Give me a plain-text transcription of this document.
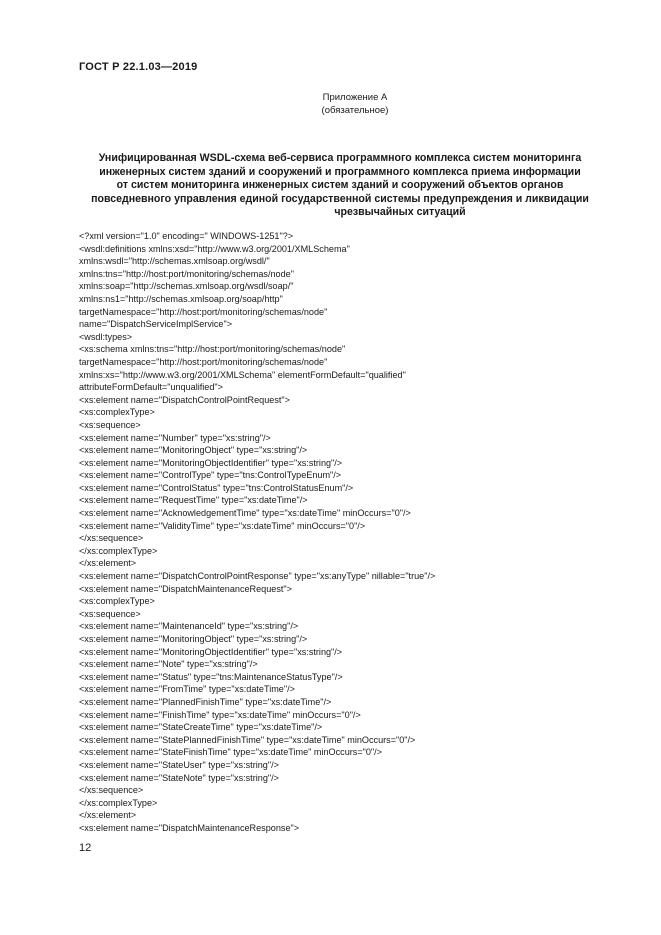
ГОСТ Р 22.1.03—2019
Приложение А
(обязательное)
Унифицированная WSDL-схема веб-сервиса программного комплекса систем мониторинга
инженерных систем зданий и сооружений и программного комплекса приема информации
от систем мониторинга инженерных систем зданий и сооружений объектов органов
повседневного управления единой государственной системы предупреждения и ликвидации
чрезвычайных ситуаций
<?xml version="1.0" encoding=" WINDOWS-1251"?>
<wsdl:definitions xmlns:xsd="http://www.w3.org/2001/XMLSchema"
xmlns:wsdl="http://schemas.xmlsoap.org/wsdl/"
xmlns:tns="http://host:port/monitoring/schemas/node"
xmlns:soap="http://schemas.xmlsoap.org/wsdl/soap/"
xmlns:ns1="http://schemas.xmlsoap.org/soap/http"
targetNamespace="http://host:port/monitoring/schemas/node"
name="DispatchServiceImplService">
<wsdl:types>
<xs:schema xmlns:tns="http://host:port/monitoring/schemas/node"
targetNamespace="http://host:port/monitoring/schemas/node"
xmlns:xs="http://www.w3.org/2001/XMLSchema" elementFormDefault="qualified"
attributeFormDefault="unqualified">
<xs:element name="DispatchControlPointRequest">
<xs:complexType>
<xs:sequence>
<xs:element name="Number" type="xs:string"/>
<xs:element name="MonitoringObject" type="xs:string"/>
<xs:element name="MonitoringObjectIdentifier" type="xs:string"/>
<xs:element name="ControlType" type="tns:ControlTypeEnum"/>
<xs:element name="ControlStatus" type="tns:ControlStatusEnum"/>
<xs:element name="RequestTime" type="xs:dateTime"/>
<xs:element name="AcknowledgementTime" type="xs:dateTime" minOccurs="0"/>
<xs:element name="ValidityTime" type="xs:dateTime" minOccurs="0"/>
</xs:sequence>
</xs:complexType>
</xs:element>
<xs:element name="DispatchControlPointResponse" type="xs:anyType" nillable="true"/>
<xs:element name="DispatchMaintenanceRequest">
<xs:complexType>
<xs:sequence>
<xs:element name="MaintenanceId" type="xs:string"/>
<xs:element name="MonitoringObject" type="xs:string"/>
<xs:element name="MonitoringObjectIdentifier" type="xs:string"/>
<xs:element name="Note" type="xs:string"/>
<xs:element name="Status" type="tns:MaintenanceStatusType"/>
<xs:element name="FromTime" type="xs:dateTime"/>
<xs:element name="PlannedFinishTime" type="xs:dateTime"/>
<xs:element name="FinishTime" type="xs:dateTime" minOccurs="0"/>
<xs:element name="StateCreateTime" type="xs:dateTime"/>
<xs:element name="StatePlannedFinishTime" type="xs:dateTime" minOccurs="0"/>
<xs:element name="StateFinishTime" type="xs:dateTime" minOccurs="0"/>
<xs:element name="StateUser" type="xs:string"/>
<xs:element name="StateNote" type="xs:string"/>
</xs:sequence>
</xs:complexType>
</xs:element>
<xs:element name="DispatchMaintenanceResponse">
12
